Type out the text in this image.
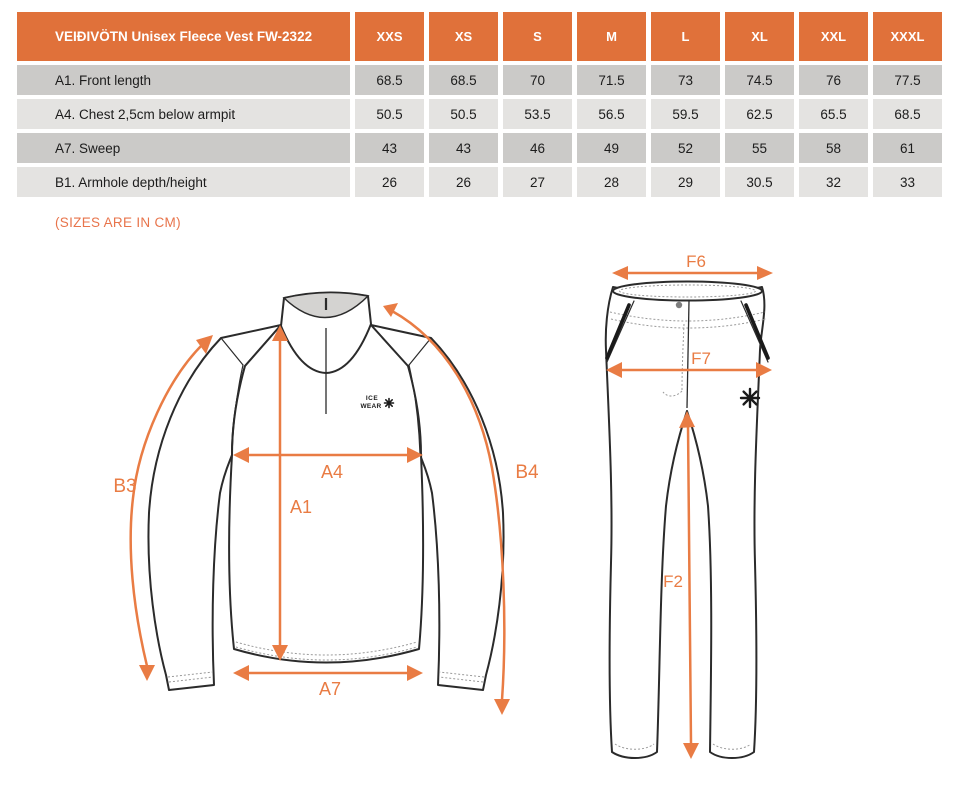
VEIÐIVÖTN Unisex Fleece Vest FW-2322	XXS	XS	S	M	L	XL	XXL	XXXL
A1. Front length	68.5	68.5	70	71.5	73	74.5	76	77.5
A4. Chest 2,5cm below armpit	50.5	50.5	53.5	56.5	59.5	62.5	65.5	68.5
A7. Sweep	43	43	46	49	52	55	58	61
B1. Armhole depth/height	26	26	27	28	29	30.5	32	33
(SIZES ARE IN CM)
ICE
WEAR
B3
B4
A4
A1
A7
F6
F7
F2
